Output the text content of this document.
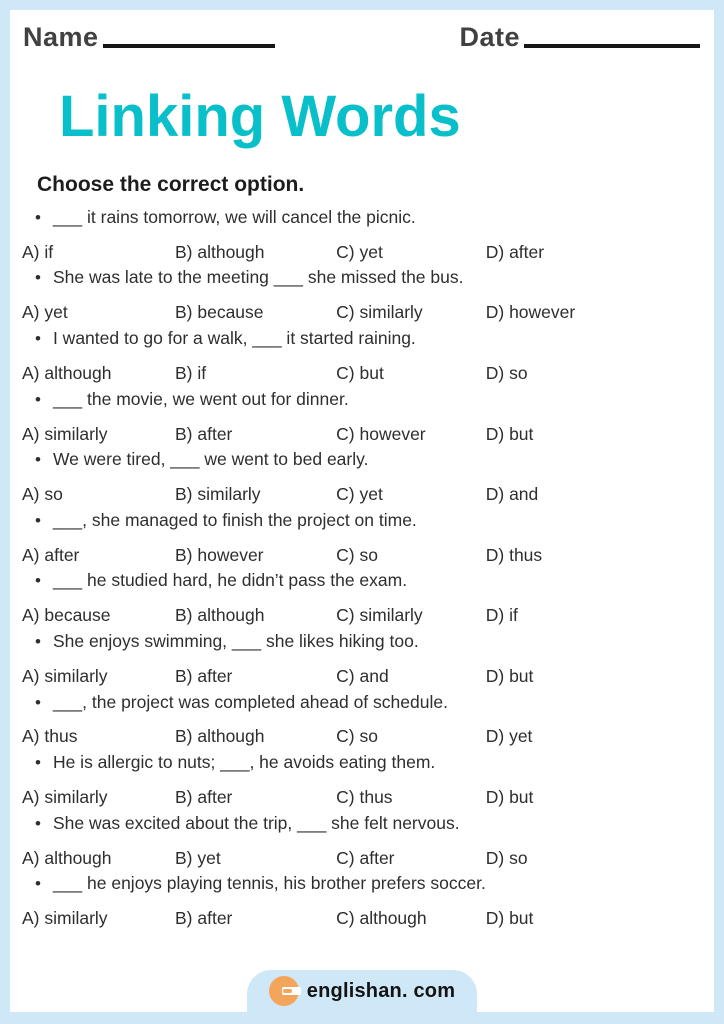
Name	Date
Linking Words
Choose the correct option.
• ___ it rains tomorrow, we will cancel the picnic.
A) if	B) although	C) yet	D) after
• She was late to the meeting ___ she missed the bus.
A) yet	B) because	C) similarly	D) however
• I wanted to go for a walk, ___ it started raining.
A) although	B) if	C) but	D) so
• ___ the movie, we went out for dinner.
A) similarly	B) after	C) however	D) but
• We were tired, ___ we went to bed early.
A) so	B) similarly	C) yet	D) and
• ___, she managed to finish the project on time.
A) after	B) however	C) so	D) thus
• ___ he studied hard, he didn’t pass the exam.
A) because	B) although	C) similarly	D) if
• She enjoys swimming, ___ she likes hiking too.
A) similarly	B) after	C) and	D) but
• ___, the project was completed ahead of schedule.
A) thus	B) although	C) so	D) yet
• He is allergic to nuts; ___, he avoids eating them.
A) similarly	B) after	C) thus	D) but
• She was excited about the trip, ___ she felt nervous.
A) although	B) yet	C) after	D) so
• ___ he enjoys playing tennis, his brother prefers soccer.
A) similarly	B) after	C) although	D) but
englishan. com
